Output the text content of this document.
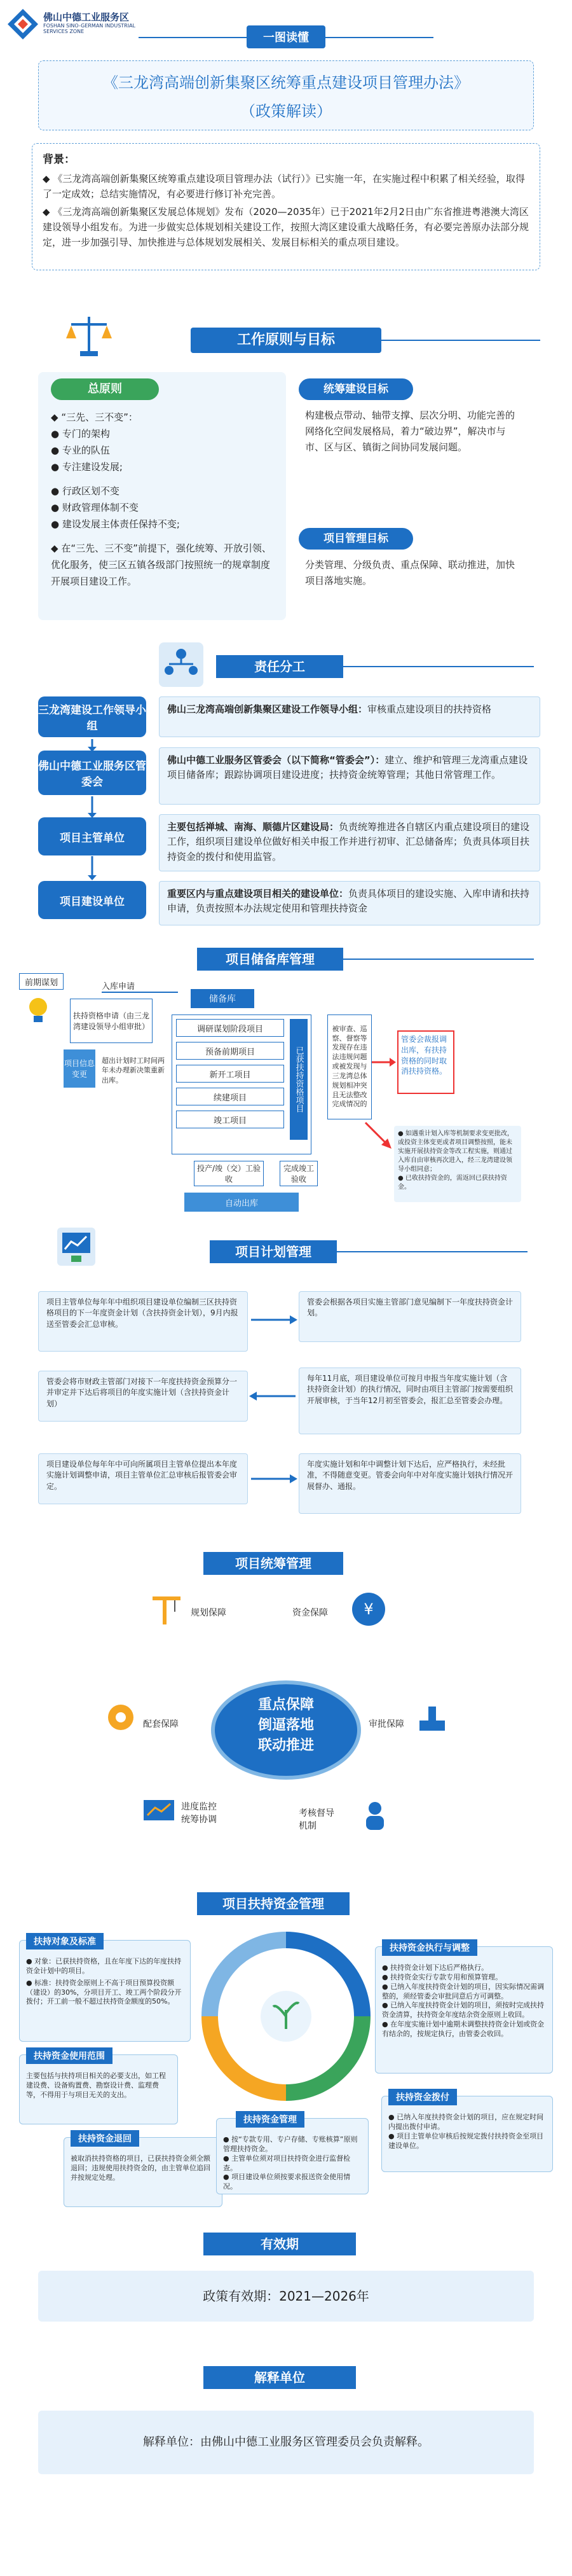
佛山中德工业服务区
FOSHAN SINO-GERMAN INDUSTRIAL SERVICES ZONE	一图读懂
《三龙湾高端创新集聚区统筹重点建设项目管理办法》
（政策解读）
背景：
◆ 《三龙湾高端创新集聚区统筹重点建设项目管理办法（试行）》已实施一年，在实施过程中积累了相关经验，取得了一定成效；总结实施情况，有必要进行修订补充完善。
◆ 《三龙湾高端创新集聚区发展总体规划》发布（2020—2035年）已于2021年2月2日由广东省推进粤港澳大湾区建设领导小组发布。为进一步做实总体规划相关建设工作，按照大湾区建设重大战略任务，有必要完善原办法部分规定，进一步加强引导、加快推进与总体规划发展相关、发展目标相关的重点项目建设。
工作原则与目标
总原则
◆ “三先、三不变”：
● 专门的架构
● 专业的队伍
● 专注建设发展;
● 行政区划不变
● 财政管理体制不变
● 建设发展主体责任保持不变;
◆ 在“三先、三不变”前提下，强化统筹、开放引领、优化服务，使三区五镇各级部门按照统一的规章制度开展项目建设工作。
统筹建设目标
构建极点带动、轴带支撑、层次分明、功能完善的网络化空间发展格局，着力“破边界”，解决市与市、区与区、镇街之间协同发展问题。
项目管理目标
分类管理、分级负责、重点保障、联动推进，加快项目落地实施。
责任分工
三龙湾建设工作领导小组
佛山三龙湾高端创新集聚区建设工作领导小组：审核重点建设项目的扶持资格
佛山中德工业服务区管委会
佛山中德工业服务区管委会（以下简称“管委会”）：建立、维护和管理三龙湾重点建设项目储备库；跟踪协调项目建设进度；扶持资金统筹管理；其他日常管理工作。
项目主管单位
主要包括禅城、南海、顺德片区建设局：负责统筹推进各自辖区内重点建设项目的建设工作，组织项目建设单位做好相关申报工作并进行初审、汇总储备库；负责具体项目扶持资金的拨付和使用监管。
项目建设单位
重要区内与重点建设项目相关的建设单位：负责具体项目的建设实施、入库申请和扶持申请，负责按照本办法规定使用和管理扶持资金
项目储备库管理
前期谋划	入库申请
扶持资格申请（由三龙湾建设领导小组审批）
储备库
项目信息变更
超出计划时工时间两年未办理新决策重新出库。
调研谋划阶段项目
预备前期项目
新开工项目
续建项目
竣工项目
已获扶持资格项目
投产/竣（交）工验收
完成竣工验收
自动出库
被审查、巡察、督察等发现存在违法违规问题或被发现与三龙湾总体规划相冲突且无法整改完成情况的
管委会裁报调出库，有扶持资格的同时取消扶持资格。
● 如遇重计划入库等机制要求变更批改，或投资主体变更或者项目调整按照，能未实施开展扶持资金等改工程实施，则通过入库自由审核再次进入，经三龙湾建设领导小组同意；
● 已收扶持资金的，需返回已获扶持资金。
项目计划管理
项目主管单位每年年中组织项目建设单位编制三区扶持资格项目的下一年度资金计划（含扶持资金计划），9月内报送至管委会汇总审核。
管委会根据各项目实施主管部门意见编制下一年度扶持资金计划。
管委会将市财政主管部门对接下一年度扶持资金预算分一并审定并下达后将项目的年度实施计划（含扶持资金计划）
每年11月底，项目建设单位可按月申报当年度实施计划（含扶持资金计划）的执行情况，同时由项目主管部门按需要组织开展审核，于当年12月初至管委会，报汇总至管委会办理。
项目建设单位每年年中可向所属项目主管单位提出本年度实施计划调整申请，项目主管单位汇总审核后报管委会审定。
年度实施计划和年中调整计划下达后，应严格执行，未经批准，不得随意变更。管委会向年中对年度实施计划执行情况开展督办、通报。
项目统筹管理
重点保障
倒逼落地
联动推进
规划保障	资金保障 ¥
配套保障	审批保障
进度监控
统筹协调
考核督导
机制
项目扶持资金管理
扶持对象及标准
● 对象：已获扶持资格，且在年度下达的年度扶持资金计划中的项目。
● 标准：扶持资金原则上不高于项目预算投资额（建设）的30%，分项目开工、竣工两个阶段分开拨付；开工前一般不超过扶持资金额度的50%。
扶持资金使用范围
主要包括与扶持项目相关的必要支出，如工程建设费、设备购置费、勘察设计费、监理费等，不得用于与项目无关的支出。
扶持资金退回
被取消扶持资格的项目，已获扶持资金须全额退回；违规使用扶持资金的，由主管单位追回并按规定处理。
扶持资金执行与调整
● 扶持资金计划下达后严格执行。
● 扶持资金实行专款专用和预算管理。
● 已纳入年度扶持资金计划的项目，因实际情况需调整的，须经管委会审批同意后方可调整。
● 已纳入年度扶持资金计划的项目，须按时完成扶持资金清算，扶持资金年度结余资金原则上收回。
● 在年度实施计划中逾期未调整扶持资金计划或资金有结余的，按规定执行，由管委会收回。
扶持资金拨付
● 已纳入年度扶持资金计划的项目，应在规定时间内提出拨付申请。
● 项目主管单位审核后按规定拨付扶持资金至项目建设单位。
扶持资金管理
● 按“专款专用、专户存储、专账核算”原则管理扶持资金。
● 主管单位须对项目扶持资金进行监督检查。
● 项目建设单位须按要求报送资金使用情况。
有效期
政策有效期：2021—2026年
解释单位
解释单位：由佛山中德工业服务区管理委员会负责解释。
